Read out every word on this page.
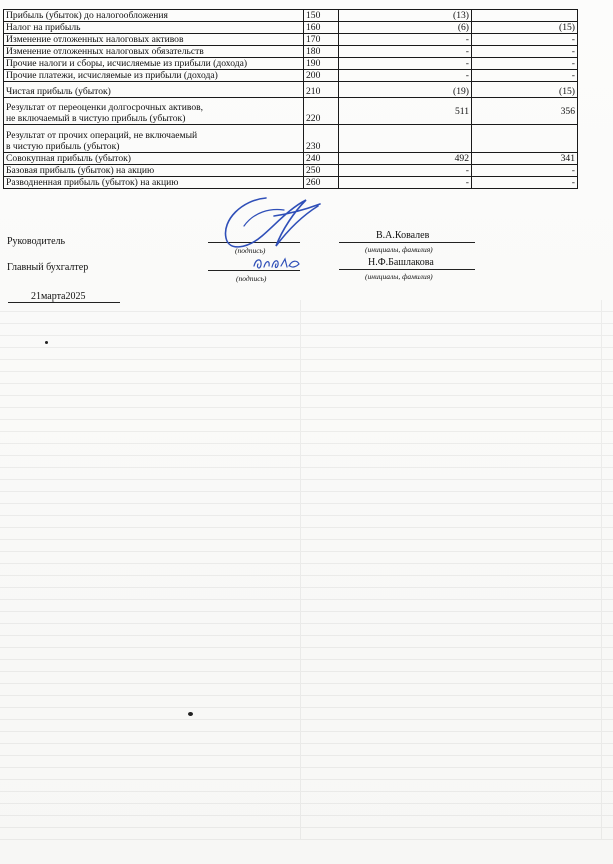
Прибыль (убыток) до налогообложения	150	(13)	
Налог на прибыль	160	(6)	(15)
Изменение отложенных налоговых активов	170	-	-
Изменение отложенных налоговых обязательств	180	-	-
Прочие налоги и сборы, исчисляемые из прибыли (дохода)	190	-	-
Прочие платежи, исчисляемые из прибыли (дохода)	200	-	-
Чистая прибыль (убыток)	210	(19)	(15)
Результат от переоценки долгосрочных активов,
не включаемый в чистую прибыль (убыток)	220	511	356
Результат от прочих операций, не включаемый
в чистую прибыль (убыток)	230		
Совокупная прибыль (убыток)	240	492	341
Базовая прибыль (убыток) на акцию	250	-	-
Разводненная прибыль (убыток) на акцию	260	-	-
Руководитель
(подпись)
В.А.Ковалев
(инициалы, фамилия)
Главный бухгалтер
(подпись)
Н.Ф.Башлакова
(инициалы, фамилия)
21марта2025
